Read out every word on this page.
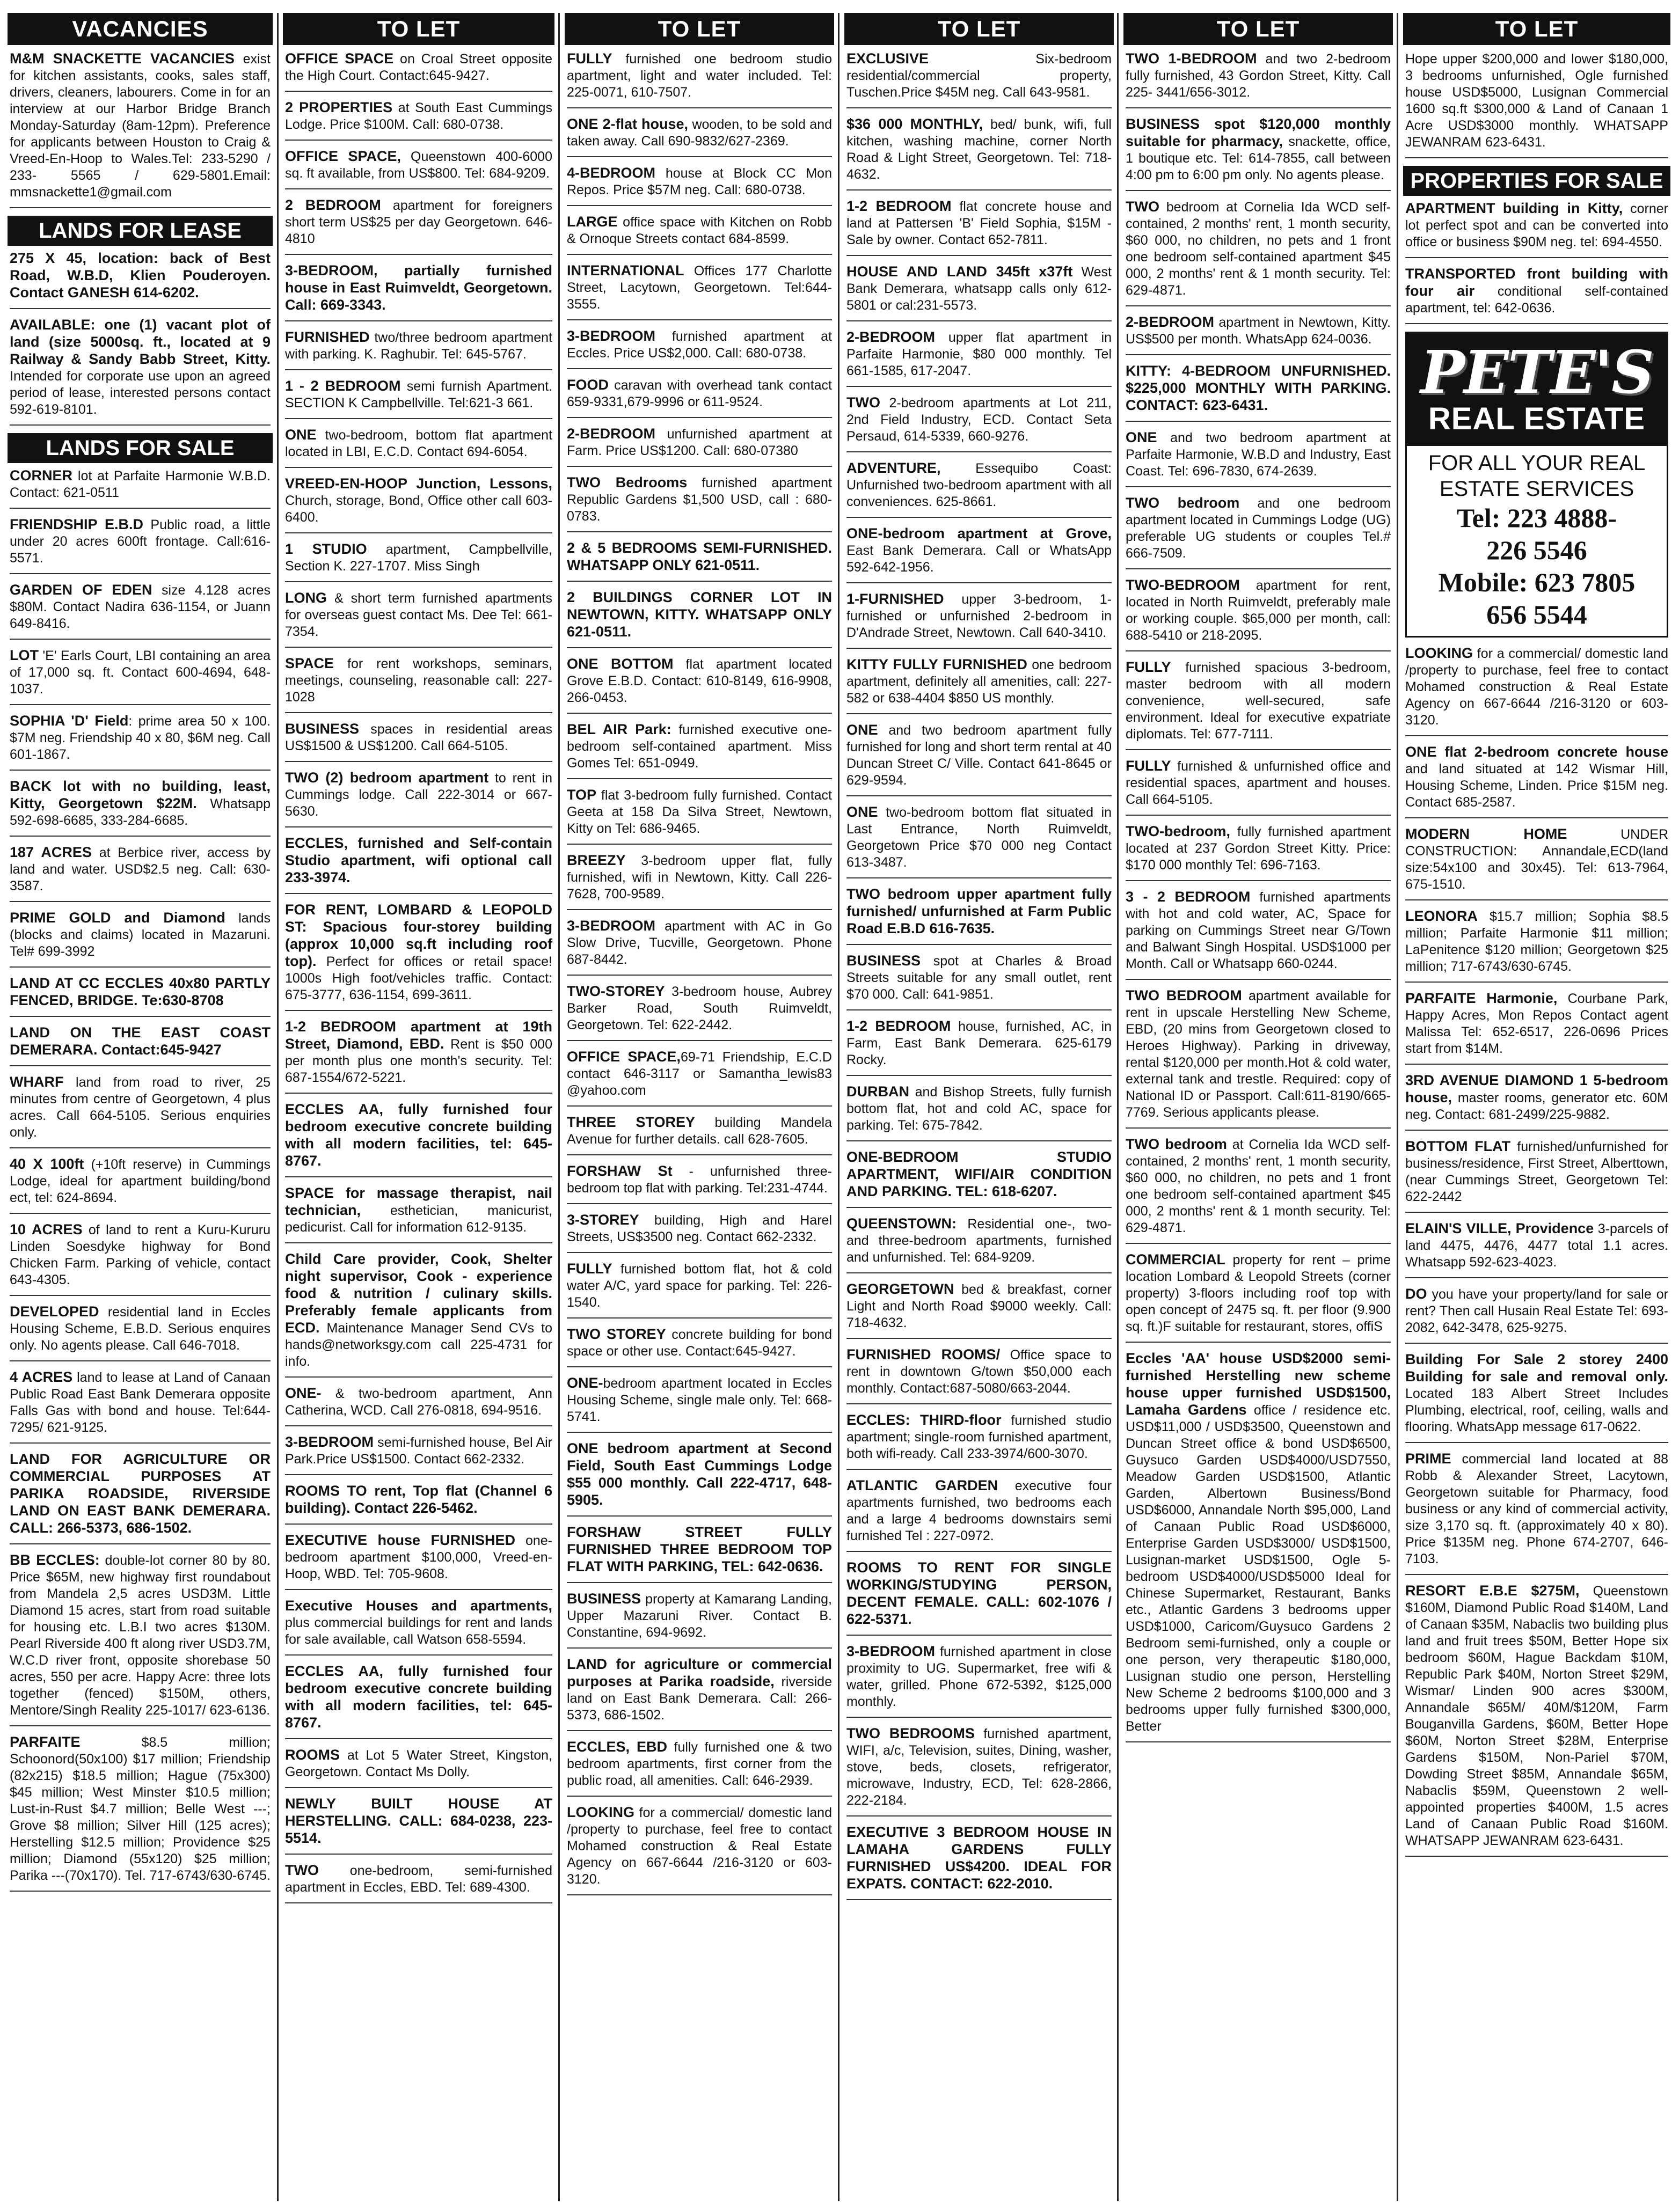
VACANCIES
M&M SNACKETTE VACANCIES exist for kitchen assistants, cooks, sales staff, drivers, cleaners, labourers. Come in for an interview at our Harbor Bridge Branch Monday-Saturday (8am-12pm). Preference for applicants between Houston to Craig & Vreed-En-Hoop to Wales.Tel: 233-5290 / 233- 5565 / 629-5801.Email: mmsnackette1@gmail.com
LANDS FOR LEASE
275 X 45, location: back of Best Road, W.B.D, Klien Pouderoyen. Contact GANESH 614-6202.
AVAILABLE: one (1) vacant plot of land (size 5000sq. ft., located at 9 Railway & Sandy Babb Street, Kitty. Intended for corporate use upon an agreed period of lease, interested persons contact 592-619-8101.
LANDS FOR SALE
CORNER lot at Parfaite Harmonie W.B.D. Contact: 621-0511
FRIENDSHIP E.B.D Public road, a little under 20 acres 600ft frontage. Call:616-5571.
GARDEN OF EDEN size 4.128 acres $80M. Contact Nadira 636-1154, or Juann 649-8416.
LOT 'E' Earls Court, LBI containing an area of 17,000 sq. ft. Contact 600-4694, 648-1037.
SOPHIA 'D' Field: prime area 50 x 100. $7M neg. Friendship 40 x 80, $6M neg. Call 601-1867.
BACK lot with no building, least, Kitty, Georgetown $22M. Whatsapp 592-698-6685, 333-284-6685.
187 ACRES at Berbice river, access by land and water. USD$2.5 neg. Call: 630-3587.
PRIME GOLD and Diamond lands (blocks and claims) located in Mazaruni. Tel# 699-3992
LAND AT CC ECCLES 40x80 PARTLY FENCED, BRIDGE. Te:630-8708
LAND ON THE EAST COAST DEMERARA. Contact:645-9427
WHARF land from road to river, 25 minutes from centre of Georgetown, 4 plus acres. Call 664-5105. Serious enquiries only.
40 X 100ft (+10ft reserve) in Cummings Lodge, ideal for apartment building/bond ect, tel: 624-8694.
10 ACRES of land to rent a Kuru-Kururu Linden Soesdyke highway for Bond Chicken Farm. Parking of vehicle, contact 643-4305.
DEVELOPED residential land in Eccles Housing Scheme, E.B.D. Serious enquires only. No agents please. Call 646-7018.
4 ACRES land to lease at Land of Canaan Public Road East Bank Demerara opposite Falls Gas with bond and house. Tel:644-7295/ 621-9125.
LAND FOR AGRICULTURE OR COMMERCIAL PURPOSES AT PARIKA ROADSIDE, RIVERSIDE LAND ON EAST BANK DEMERARA. CALL: 266-5373, 686-1502.
BB ECCLES: double-lot corner 80 by 80. Price $65M, new highway first roundabout from Mandela 2,5 acres USD3M. Little Diamond 15 acres, start from road suitable for housing etc. L.B.I two acres $130M. Pearl Riverside 400 ft along river USD3.7M, W.C.D river front, opposite shorebase 50 acres, 550 per acre. Happy Acre: three lots together (fenced) $150M, others, Mentore/Singh Reality 225-1017/ 623-6136.
PARFAITE $8.5 million; Schoonord(50x100) $17 million; Friendship (82x215) $18.5 million; Hague (75x300) $45 million; West Minster $10.5 million; Lust-in-Rust $4.7 million; Belle West ---; Grove $8 million; Silver Hill (125 acres); Herstelling $12.5 million; Providence $25 million; Diamond (55x120) $25 million; Parika ---(70x170). Tel. 717-6743/630-6745.
TO LET
OFFICE SPACE on Croal Street opposite the High Court. Contact:645-9427.
2 PROPERTIES at South East Cummings Lodge. Price $100M. Call: 680-0738.
OFFICE SPACE, Queenstown 400-6000 sq. ft available, from US$800. Tel: 684-9209.
2 BEDROOM apartment for foreigners short term US$25 per day Georgetown. 646-4810
3-BEDROOM, partially furnished house in East Ruimveldt, Georgetown. Call: 669-3343.
FURNISHED two/three bedroom apartment with parking. K. Raghubir. Tel: 645-5767.
1 - 2 BEDROOM semi furnish Apartment. SECTION K Campbellville. Tel:621-3 661.
ONE two-bedroom, bottom flat apartment located in LBI, E.C.D. Contact 694-6054.
VREED-EN-HOOP Junction, Lessons, Church, storage, Bond, Office other call 603-6400.
1 STUDIO apartment, Campbellville, Section K. 227-1707. Miss Singh
LONG & short term furnished apartments for overseas guest contact Ms. Dee Tel: 661-7354.
SPACE for rent workshops, seminars, meetings, counseling, reasonable call: 227-1028
BUSINESS spaces in residential areas US$1500 & US$1200. Call 664-5105.
TWO (2) bedroom apartment to rent in Cummings lodge. Call 222-3014 or 667-5630.
ECCLES, furnished and Self-contain Studio apartment, wifi optional call 233-3974.
FOR RENT, LOMBARD & LEOPOLD ST: Spacious four-storey building (approx 10,000 sq.ft including roof top). Perfect for offices or retail space! 1000s High foot/vehicles traffic. Contact: 675-3777, 636-1154, 699-3611.
1-2 BEDROOM apartment at 19th Street, Diamond, EBD. Rent is $50 000 per month plus one month's security. Tel: 687-1554/672-5221.
ECCLES AA, fully furnished four bedroom executive concrete building with all modern facilities, tel: 645-8767.
SPACE for massage therapist, nail technician, esthetician, manicurist, pedicurist. Call for information 612-9135.
Child Care provider, Cook, Shelter night supervisor, Cook - experience food & nutrition / culinary skills. Preferably female applicants from ECD. Maintenance Manager Send CVs to hands@networksgy.com call 225-4731 for info.
ONE- & two-bedroom apartment, Ann Catherina, WCD. Call 276-0818, 694-9516.
3-BEDROOM semi-furnished house, Bel Air Park.Price US$1500. Contact 662-2332.
ROOMS TO rent, Top flat (Channel 6 building). Contact 226-5462.
EXECUTIVE house FURNISHED one-bedroom apartment $100,000, Vreed-en-Hoop, WBD. Tel: 705-9608.
Executive Houses and apartments, plus commercial buildings for rent and lands for sale available, call Watson 658-5594.
ECCLES AA, fully furnished four bedroom executive concrete building with all modern facilities, tel: 645-8767.
ROOMS at Lot 5 Water Street, Kingston, Georgetown. Contact Ms Dolly.
NEWLY BUILT HOUSE AT HERSTELLING. CALL: 684-0238, 223-5514.
TWO one-bedroom, semi-furnished apartment in Eccles, EBD. Tel: 689-4300.
TO LET
FULLY furnished one bedroom studio apartment, light and water included. Tel: 225-0071, 610-7507.
ONE 2-flat house, wooden, to be sold and taken away. Call 690-9832/627-2369.
4-BEDROOM house at Block CC Mon Repos. Price $57M neg. Call: 680-0738.
LARGE office space with Kitchen on Robb & Ornoque Streets contact 684-8599.
INTERNATIONAL Offices 177 Charlotte Street, Lacytown, Georgetown. Tel:644-3555.
3-BEDROOM furnished apartment at Eccles. Price US$2,000. Call: 680-0738.
FOOD caravan with overhead tank contact 659-9331,679-9996 or 611-9524.
2-BEDROOM unfurnished apartment at Farm. Price US$1200. Call: 680-07380
TWO Bedrooms furnished apartment Republic Gardens $1,500 USD, call : 680-0783.
2 & 5 BEDROOMS SEMI-FURNISHED. WHATSAPP ONLY 621-0511.
2 BUILDINGS CORNER LOT IN NEWTOWN, KITTY. WHATSAPP ONLY 621-0511.
ONE BOTTOM flat apartment located Grove E.B.D. Contact: 610-8149, 616-9908, 266-0453.
BEL AIR Park: furnished executive one-bedroom self-contained apartment. Miss Gomes Tel: 651-0949.
TOP flat 3-bedroom fully furnished. Contact Geeta at 158 Da Silva Street, Newtown, Kitty on Tel: 686-9465.
BREEZY 3-bedroom upper flat, fully furnished, wifi in Newtown, Kitty. Call 226-7628, 700-9589.
3-BEDROOM apartment with AC in Go Slow Drive, Tucville, Georgetown. Phone 687-8442.
TWO-STOREY 3-bedroom house, Aubrey Barker Road, South Ruimveldt, Georgetown. Tel: 622-2442.
OFFICE SPACE,69-71 Friendship, E.C.D contact 646-3117 or Samantha_lewis83 @yahoo.com
THREE STOREY building Mandela Avenue for further details. call 628-7605.
FORSHAW St - unfurnished three-bedroom top flat with parking. Tel:231-4744.
3-STOREY building, High and Harel Streets, US$3500 neg. Contact 662-2332.
FULLY furnished bottom flat, hot & cold water A/C, yard space for parking. Tel: 226-1540.
TWO STOREY concrete building for bond space or other use. Contact:645-9427.
ONE-bedroom apartment located in Eccles Housing Scheme, single male only. Tel: 668-5741.
ONE bedroom apartment at Second Field, South East Cummings Lodge $55 000 monthly. Call 222-4717, 648-5905.
FORSHAW STREET FULLY FURNISHED THREE BEDROOM TOP FLAT WITH PARKING, TEL: 642-0636.
BUSINESS property at Kamarang Landing, Upper Mazaruni River. Contact B. Constantine, 694-9692.
LAND for agriculture or commercial purposes at Parika roadside, riverside land on East Bank Demerara. Call: 266-5373, 686-1502.
ECCLES, EBD fully furnished one & two bedroom apartments, first corner from the public road, all amenities. Call: 646-2939.
LOOKING for a commercial/ domestic land /property to purchase, feel free to contact Mohamed construction & Real Estate Agency on 667-6644 /216-3120 or 603-3120.
TO LET
EXCLUSIVE Six-bedroom residential/commercial property, Tuschen.Price $45M neg. Call 643-9581.
$36 000 MONTHLY, bed/ bunk, wifi, full kitchen, washing machine, corner North Road & Light Street, Georgetown. Tel: 718-4632.
1-2 BEDROOM flat concrete house and land at Pattersen 'B' Field Sophia, $15M - Sale by owner. Contact 652-7811.
HOUSE AND LAND 345ft x37ft West Bank Demerara, whatsapp calls only 612-5801 or cal:231-5573.
2-BEDROOM upper flat apartment in Parfaite Harmonie, $80 000 monthly. Tel 661-1585, 617-2047.
TWO 2-bedroom apartments at Lot 211, 2nd Field Industry, ECD. Contact Seta Persaud, 614-5339, 660-9276.
ADVENTURE, Essequibo Coast: Unfurnished two-bedroom apartment with all conveniences. 625-8661.
ONE-bedroom apartment at Grove, East Bank Demerara. Call or WhatsApp 592-642-1956.
1-FURNISHED upper 3-bedroom, 1-furnished or unfurnished 2-bedroom in D'Andrade Street, Newtown. Call 640-3410.
KITTY FULLY FURNISHED one bedroom apartment, definitely all amenities, call: 227-582 or 638-4404 $850 US monthly.
ONE and two bedroom apartment fully furnished for long and short term rental at 40 Duncan Street C/ Ville. Contact 641-8645 or 629-9594.
ONE two-bedroom bottom flat situated in Last Entrance, North Ruimveldt, Georgetown Price $70 000 neg Contact 613-3487.
TWO bedroom upper apartment fully furnished/ unfurnished at Farm Public Road E.B.D 616-7635.
BUSINESS spot at Charles & Broad Streets suitable for any small outlet, rent $70 000. Call: 641-9851.
1-2 BEDROOM house, furnished, AC, in Farm, East Bank Demerara. 625-6179 Rocky.
DURBAN and Bishop Streets, fully furnish bottom flat, hot and cold AC, space for parking. Tel: 675-7842.
ONE-BEDROOM STUDIO APARTMENT, WIFI/AIR CONDITION AND PARKING. TEL: 618-6207.
QUEENSTOWN: Residential one-, two- and three-bedroom apartments, furnished and unfurnished. Tel: 684-9209.
GEORGETOWN bed & breakfast, corner Light and North Road $9000 weekly. Call: 718-4632.
FURNISHED ROOMS/ Office space to rent in downtown G/town $50,000 each monthly. Contact:687-5080/663-2044.
ECCLES: THIRD-floor furnished studio apartment; single-room furnished apartment, both wifi-ready. Call 233-3974/600-3070.
ATLANTIC GARDEN executive four apartments furnished, two bedrooms each and a large 4 bedrooms downstairs semi furnished Tel : 227-0972.
ROOMS TO RENT FOR SINGLE WORKING/STUDYING PERSON, DECENT FEMALE. CALL: 602-1076 / 622-5371.
3-BEDROOM furnished apartment in close proximity to UG. Supermarket, free wifi & water, grilled. Phone 672-5392, $125,000 monthly.
TWO BEDROOMS furnished apartment, WIFI, a/c, Television, suites, Dining, washer, stove, beds, closets, refrigerator, microwave, Industry, ECD, Tel: 628-2866, 222-2184.
EXECUTIVE 3 BEDROOM HOUSE IN LAMAHA GARDENS FULLY FURNISHED US$4200. IDEAL FOR EXPATS. CONTACT: 622-2010.
TO LET
TWO 1-BEDROOM and two 2-bedroom fully furnished, 43 Gordon Street, Kitty. Call 225- 3441/656-3012.
BUSINESS spot $120,000 monthly suitable for pharmacy, snackette, office, 1 boutique etc. Tel: 614-7855, call between 4:00 pm to 6:00 pm only. No agents please.
TWO bedroom at Cornelia Ida WCD self-contained, 2 months' rent, 1 month security, $60 000, no children, no pets and 1 front one bedroom self-contained apartment $45 000, 2 months' rent & 1 month security. Tel: 629-4871.
2-BEDROOM apartment in Newtown, Kitty. US$500 per month. WhatsApp 624-0036.
KITTY: 4-BEDROOM UNFURNISHED. $225,000 MONTHLY WITH PARKING. CONTACT: 623-6431.
ONE and two bedroom apartment at Parfaite Harmonie, W.B.D and Industry, East Coast. Tel: 696-7830, 674-2639.
TWO bedroom and one bedroom apartment located in Cummings Lodge (UG) preferable UG students or couples Tel.# 666-7509.
TWO-BEDROOM apartment for rent, located in North Ruimveldt, preferably male or working couple. $65,000 per month, call: 688-5410 or 218-2095.
FULLY furnished spacious 3-bedroom, master bedroom with all modern convenience, well-secured, safe environment. Ideal for executive expatriate diplomats. Tel: 677-7111.
FULLY furnished & unfurnished office and residential spaces, apartment and houses. Call 664-5105.
TWO-bedroom, fully furnished apartment located at 237 Gordon Street Kitty. Price: $170 000 monthly Tel: 696-7163.
3 - 2 BEDROOM furnished apartments with hot and cold water, AC, Space for parking on Cummings Street near G/Town and Balwant Singh Hospital. USD$1000 per Month. Call or Whatsapp 660-0244.
TWO BEDROOM apartment available for rent in upscale Herstelling New Scheme, EBD, (20 mins from Georgetown closed to Heroes Highway). Parking in driveway, rental $120,000 per month.Hot & cold water, external tank and trestle. Required: copy of National ID or Passport. Call:611-8190/665-7769. Serious applicants please.
TWO bedroom at Cornelia Ida WCD self-contained, 2 months' rent, 1 month security, $60 000, no children, no pets and 1 front one bedroom self-contained apartment $45 000, 2 months' rent & 1 month security. Tel: 629-4871.
COMMERCIAL property for rent – prime location Lombard & Leopold Streets (corner property) 3-floors including roof top with open concept of 2475 sq. ft. per floor (9.900 sq. ft.)F suitable for restaurant, stores, offiS
Eccles 'AA' house USD$2000 semi- furnished Herstelling new scheme house upper furnished USD$1500, Lamaha Gardens office / residence etc. USD$11,000 / USD$3500, Queenstown and Duncan Street office & bond USD$6500, Guysuco Garden USD$4000/USD7550, Meadow Garden USD$1500, Atlantic Garden, Albertown Business/Bond USD$6000, Annandale North $95,000, Land of Canaan Public Road USD$6000, Enterprise Garden USD$3000/ USD$1500, Lusignan-market USD$1500, Ogle 5-bedroom USD$4000/USD$5000 Ideal for Chinese Supermarket, Restaurant, Banks etc., Atlantic Gardens 3 bedrooms upper USD$1000, Caricom/Guysuco Gardens 2 Bedroom semi-furnished, only a couple or one person, very therapeutic $180,000, Lusignan studio one person, Herstelling New Scheme 2 bedrooms $100,000 and 3 bedrooms upper fully furnished $300,000, Better
TO LET
Hope upper $200,000 and lower $180,000, 3 bedrooms unfurnished, Ogle furnished house USD$5000, Lusignan Commercial 1600 sq.ft $300,000 & Land of Canaan 1 Acre USD$3000 monthly. WHATSAPP JEWANRAM 623-6431.
PROPERTIES FOR SALE
APARTMENT building in Kitty, corner lot perfect spot and can be converted into office or business $90M neg. tel: 694-4550.
TRANSPORTED front building with four air conditional self-contained apartment, tel: 642-0636.
PETE'S
REAL ESTATE
FOR ALL YOUR REAL ESTATE SERVICES
Tel: 223 4888-
226 5546
Mobile: 623 7805
656 5544
LOOKING for a commercial/ domestic land /property to purchase, feel free to contact Mohamed construction & Real Estate Agency on 667-6644 /216-3120 or 603-3120.
ONE flat 2-bedroom concrete house and land situated at 142 Wismar Hill, Housing Scheme, Linden. Price $15M neg. Contact 685-2587.
MODERN HOME UNDER CONSTRUCTION: Annandale,ECD(land size:54x100 and 30x45). Tel: 613-7964, 675-1510.
LEONORA $15.7 million; Sophia $8.5 million; Parfaite Harmonie $11 million; LaPenitence $120 million; Georgetown $25 million; 717-6743/630-6745.
PARFAITE Harmonie, Courbane Park, Happy Acres, Mon Repos Contact agent Malissa Tel: 652-6517, 226-0696 Prices start from $14M.
3RD AVENUE DIAMOND 1 5-bedroom house, master rooms, generator etc. 60M neg. Contact: 681-2499/225-9882.
BOTTOM FLAT furnished/unfurnished for business/residence, First Street, Alberttown, (near Cummings Street, Georgetown Tel: 622-2442
ELAIN'S VILLE, Providence 3-parcels of land 4475, 4476, 4477 total 1.1 acres. Whatsapp 592-623-4023.
DO you have your property/land for sale or rent? Then call Husain Real Estate Tel: 693-2082, 642-3478, 625-9275.
Building For Sale 2 storey 2400 Building for sale and removal only. Located 183 Albert Street Includes Plumbing, electrical, roof, ceiling, walls and flooring. WhatsApp message 617-0622.
PRIME commercial land located at 88 Robb & Alexander Street, Lacytown, Georgetown suitable for Pharmacy, food business or any kind of commercial activity, size 3,170 sq. ft. (approximately 40 x 80). Price $135M neg. Phone 674-2707, 646-7103.
RESORT E.B.E $275M, Queenstown $160M, Diamond Public Road $140M, Land of Canaan $35M, Nabaclis two building plus land and fruit trees $50M, Better Hope six bedroom $60M, Hague Backdam $10M, Republic Park $40M, Norton Street $29M, Wismar/ Linden 900 acres $300M, Annandale $65M/ 40M/$120M, Farm Bouganvilla Gardens, $60M, Better Hope $60M, Norton Street $28M, Enterprise Gardens $150M, Non-Pariel $70M, Dowding Street $85M, Annandale $65M, Nabaclis $59M, Queenstown 2 well-appointed properties $400M, 1.5 acres Land of Canaan Public Road $160M. WHATSAPP JEWANRAM 623-6431.
